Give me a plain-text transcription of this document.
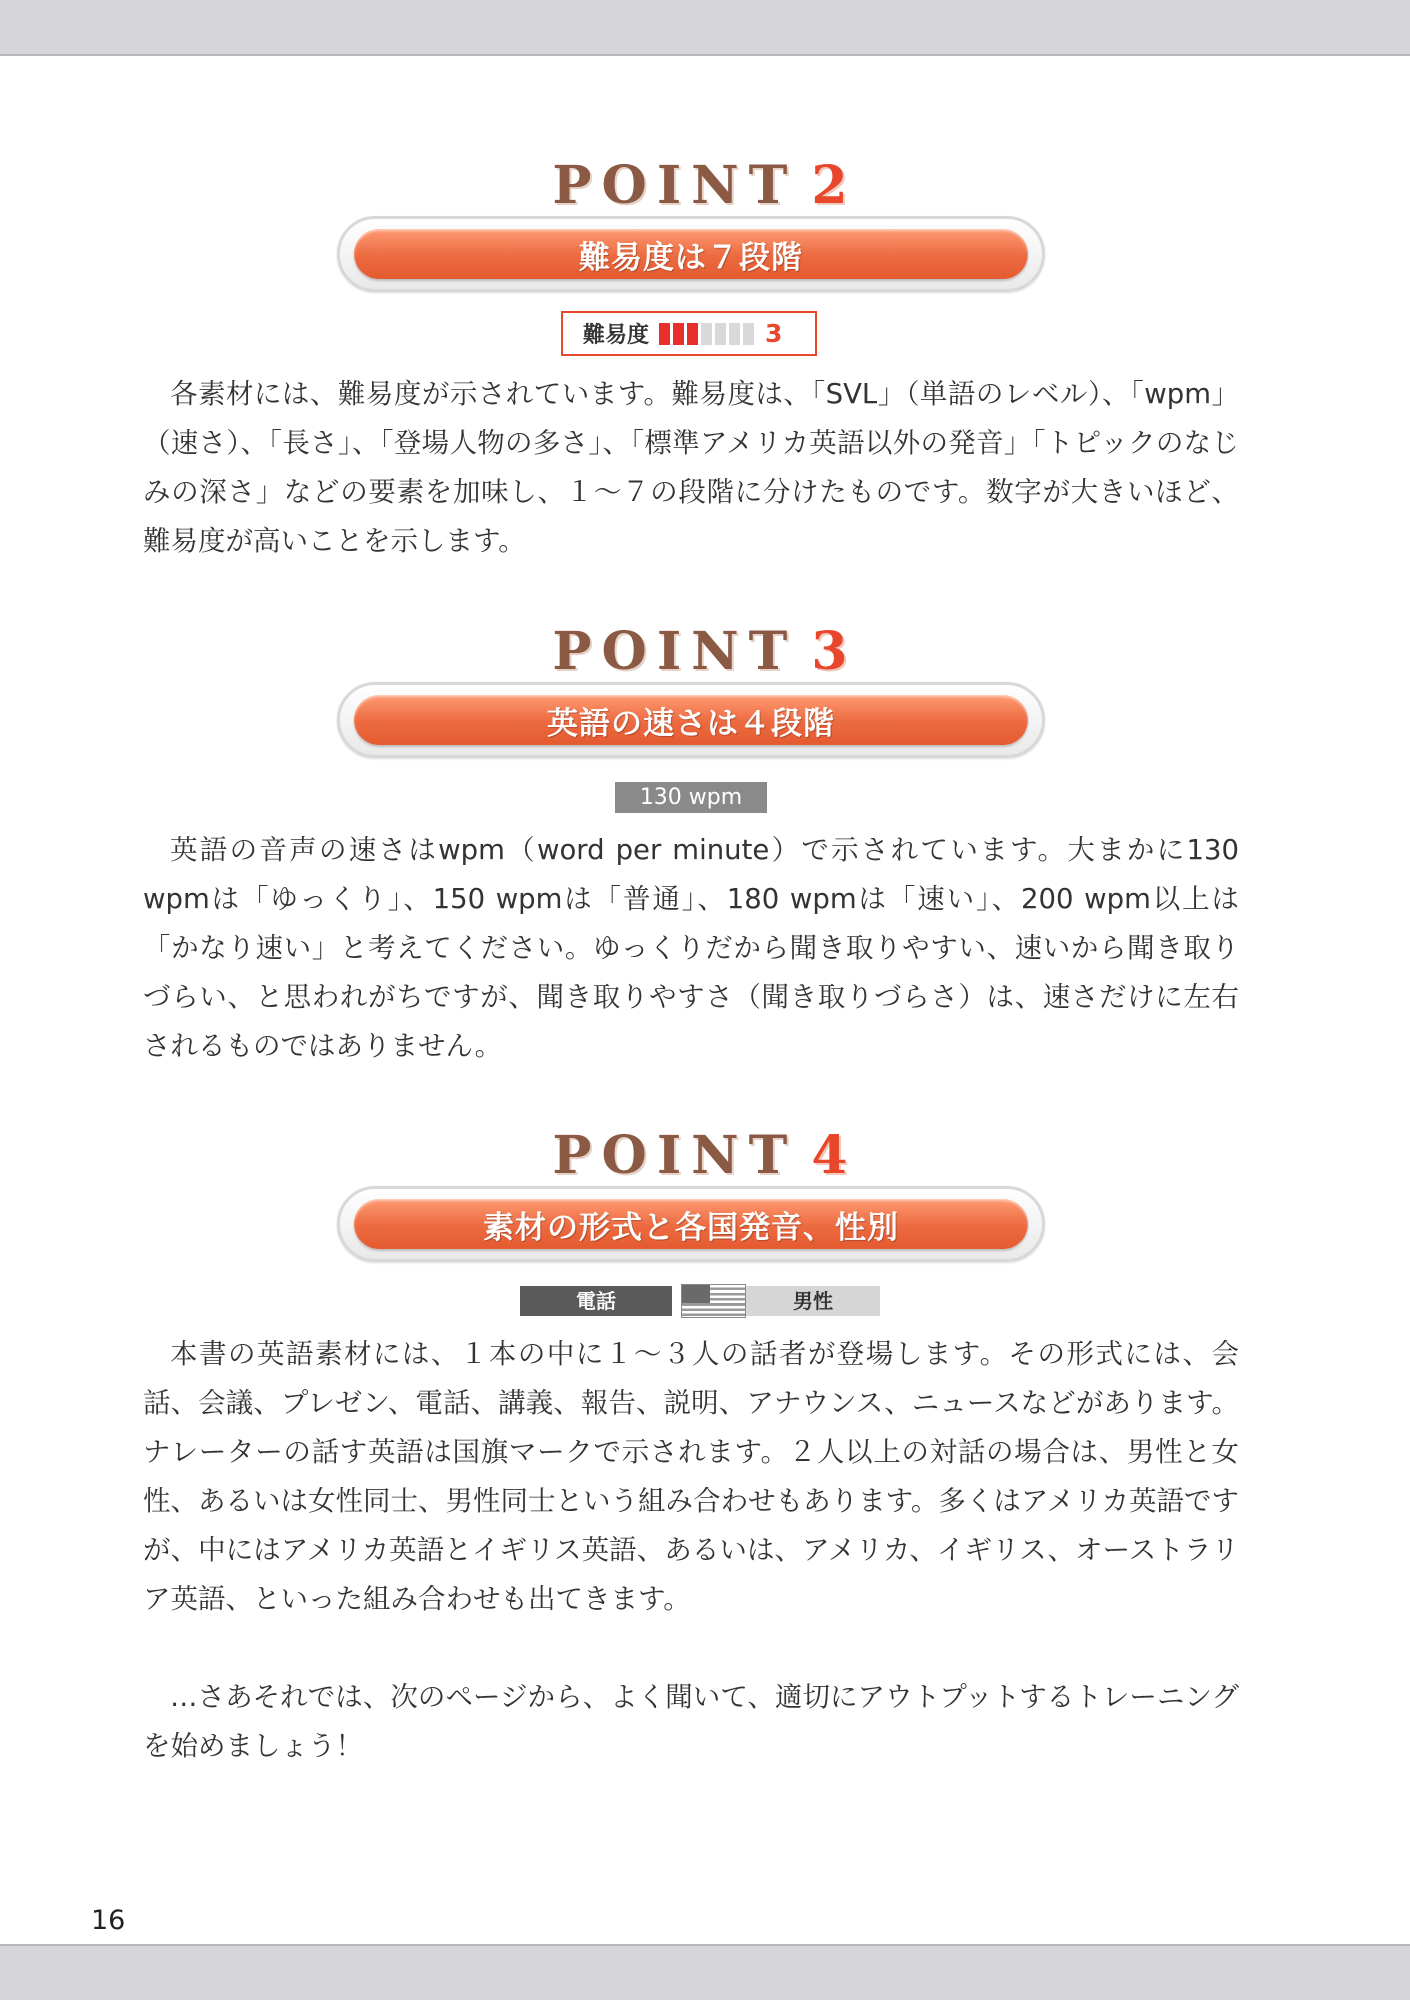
POINT 2
難易度は７段階
難易度	3

各素材には、難易度が示されています。難易度は、「SVL」（単語のレベル）、「wpm」（速さ）、「長さ」、「登場人物の多さ」、「標準アメリカ英語以外の発音」「トピックのなじみの深さ」などの要素を加味し、１～７の段階に分けたものです。数字が大きいほど、難易度が高いことを示します。

POINT 3
英語の速さは４段階
130 wpm

英語の音声の速さはwpm（word per minute）で示されています。大まかに130 wpmは「ゆっくり」、150 wpmは「普通」、180 wpmは「速い」、200 wpm以上は「かなり速い」と考えてください。ゆっくりだから聞き取りやすい、速いから聞き取りづらい、と思われがちですが、聞き取りやすさ（聞き取りづらさ）は、速さだけに左右されるものではありません。

POINT 4
素材の形式と各国発音、性別
電話	男性

本書の英語素材には、１本の中に１～３人の話者が登場します。その形式には、会話、会議、プレゼン、電話、講義、報告、説明、アナウンス、ニュースなどがあります。ナレーターの話す英語は国旗マークで示されます。２人以上の対話の場合は、男性と女性、あるいは女性同士、男性同士という組み合わせもあります。多くはアメリカ英語ですが、中にはアメリカ英語とイギリス英語、あるいは、アメリカ、イギリス、オーストラリア英語、といった組み合わせも出てきます。

…さあそれでは、次のページから、よく聞いて、適切にアウトプットするトレーニングを始めましょう！

16
